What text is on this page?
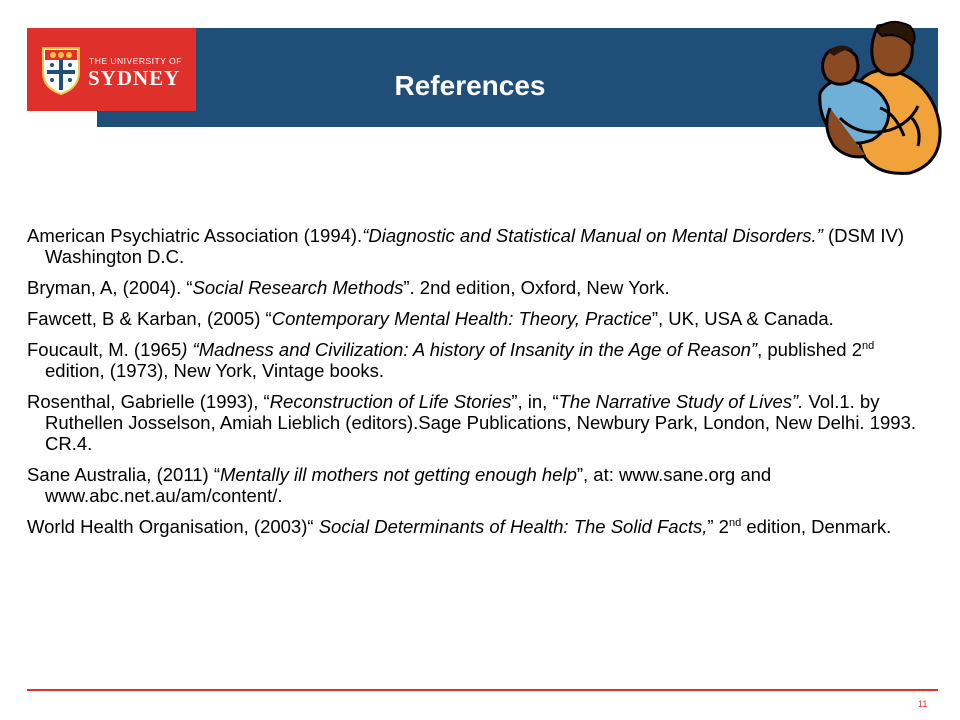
THE UNIVERSITY OF
SYDNEY	References

American Psychiatric Association (1994).“Diagnostic and Statistical Manual on Mental Disorders.” (DSM IV) Washington D.C.

Bryman, A, (2004). “Social Research Methods”. 2nd edition, Oxford, New York.

Fawcett, B & Karban, (2005) “Contemporary Mental Health: Theory, Practice”, UK, USA & Canada.

Foucault, M. (1965) “Madness and Civilization: A history of Insanity in the Age of Reason”, published 2nd edition, (1973), New York, Vintage books.

Rosenthal, Gabrielle (1993), “Reconstruction of Life Stories”, in, “The Narrative Study of Lives”. Vol.1. by Ruthellen Josselson, Amiah Lieblich (editors).Sage Publications, Newbury Park, London, New Delhi. 1993. CR.4.

Sane Australia, (2011) “Mentally ill mothers not getting enough help”, at: www.sane.org and www.abc.net.au/am/content/.

World Health Organisation, (2003)“ Social Determinants of Health: The Solid Facts,” 2nd edition, Denmark.

11
